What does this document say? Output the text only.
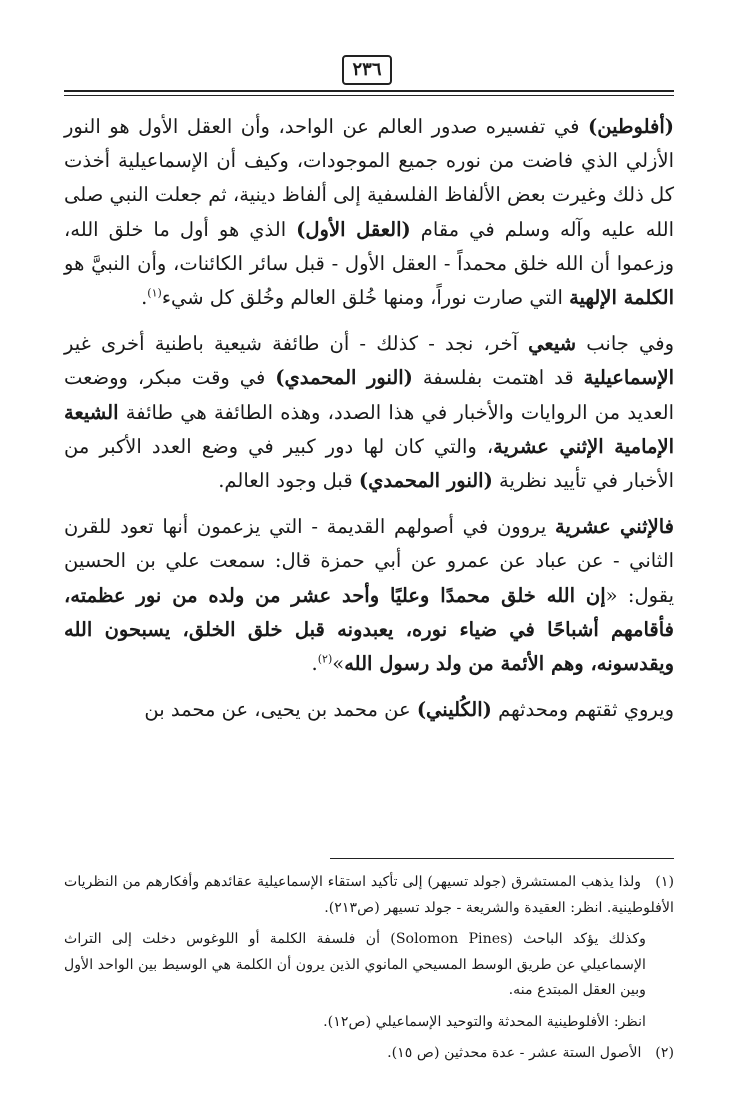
٢٣٦

(أفلوطين) في تفسيره صدور العالم عن الواحد، وأن العقل الأول هو النور الأزلي الذي فاضت من نوره جميع الموجودات، وكيف أن الإسماعيلية أخذت كل ذلك وغيرت بعض الألفاظ الفلسفية إلى ألفاظ دينية، ثم جعلت النبي صلى الله عليه وآله وسلم في مقام (العقل الأول) الذي هو أول ما خلق الله، وزعموا أن الله خلق محمداً - العقل الأول - قبل سائر الكائنات، وأن النبيَّ هو الكلمة الإلهية التي صارت نوراً، ومنها خُلق العالم وخُلق كل شيء$^{(١)}$.

وفي جانب شيعي آخر، نجد - كذلك - أن طائفة شيعية باطنية أخرى غير الإسماعيلية قد اهتمت بفلسفة (النور المحمدي) في وقت مبكر، ووضعت العديد من الروايات والأخبار في هذا الصدد، وهذه الطائفة هي طائفة الشيعة الإمامية الإثني عشرية، والتي كان لها دور كبير في وضع العدد الأكبر من الأخبار في تأييد نظرية (النور المحمدي) قبل وجود العالم.

فالإثني عشرية يروون في أصولهم القديمة - التي يزعمون أنها تعود للقرن الثاني - عن عباد عن عمرو عن أبي حمزة قال: سمعت علي بن الحسين يقول: «إن الله خلق محمدًا وعليًا وأحد عشر من ولده من نور عظمته، فأقامهم أشباحًا في ضياء نوره، يعبدونه قبل خلق الخلق، يسبحون الله ويقدسونه، وهم الأئمة من ولد رسول الله»$^{(٢)}$.

ويروي ثقتهم ومحدثهم (الكُليني) عن محمد بن يحيى، عن محمد بن

(١) ولذا يذهب المستشرق (جولد تسيهر) إلى تأكيد استقاء الإسماعيلية عقائدهم وأفكارهم من النظريات الأفلوطينية. انظر: العقيدة والشريعة - جولد تسيهر (ص٢١٣).

وكذلك يؤكد الباحث (Solomon Pines) أن فلسفة الكلمة أو اللوغوس دخلت إلى التراث الإسماعيلي عن طريق الوسط المسيحي المانوي الذين يرون أن الكلمة هي الوسيط بين الواحد الأول وبين العقل المبتدع منه.

انظر: الأفلوطينية المحدثة والتوحيد الإسماعيلي (ص١٢).

(٢) الأصول الستة عشر - عدة محدثين (ص ١٥).
